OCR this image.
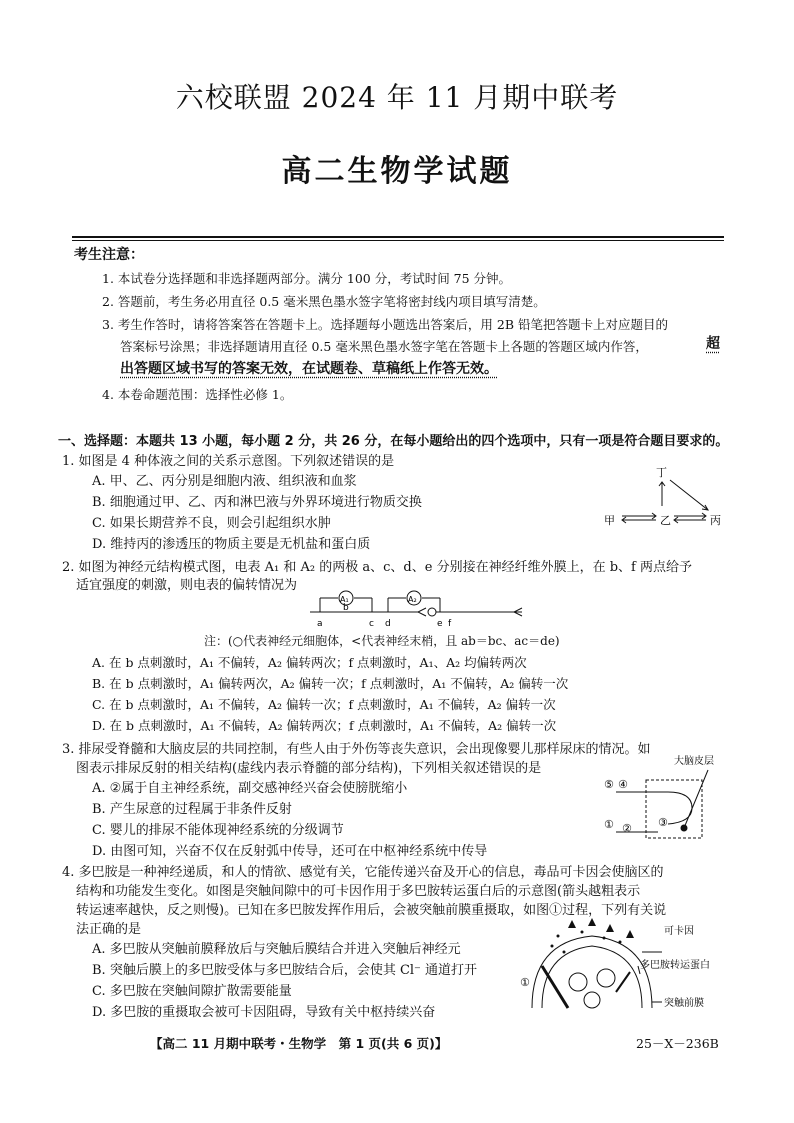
六校联盟 2024 年 11 月期中联考
高二生物学试题
考生注意：
1. 本试卷分选择题和非选择题两部分。满分 100 分，考试时间 75 分钟。
2. 答题前，考生务必用直径 0.5 毫米黑色墨水签字笔将密封线内项目填写清楚。
3. 考生作答时，请将答案答在答题卡上。选择题每小题选出答案后，用 2B 铅笔把答题卡上对应题目的
答案标号涂黑；非选择题请用直径 0.5 毫米黑色墨水签字笔在答题卡上各题的答题区域内作答，	超
出答题区域书写的答案无效，在试题卷、草稿纸上作答无效。
4. 本卷命题范围：选择性必修 1。
一、选择题：本题共 13 小题，每小题 2 分，共 26 分，在每小题给出的四个选项中，只有一项是符合题目要求的。
1. 如图是 4 种体液之间的关系示意图。下列叙述错误的是
A. 甲、乙、丙分别是细胞内液、组织液和血浆
B. 细胞通过甲、乙、丙和淋巴液与外界环境进行物质交换
C. 如果长期营养不良，则会引起组织水肿
D. 维持丙的渗透压的物质主要是无机盐和蛋白质
丁
甲	乙	丙
2. 如图为神经元结构模式图，电表 A₁ 和 A₂ 的两极 a、c、d、e 分别接在神经纤维外膜上，在 b、f 两点给予
适宜强度的刺激，则电表的偏转情况为
A₁	A₂
a
b
c d	e f
注：(○代表神经元细胞体，<代表神经末梢，且 ab＝bc、ac＝de)
A. 在 b 点刺激时，A₁ 不偏转，A₂ 偏转两次；f 点刺激时，A₁、A₂ 均偏转两次
B. 在 b 点刺激时，A₁ 偏转两次，A₂ 偏转一次；f 点刺激时，A₁ 不偏转，A₂ 偏转一次
C. 在 b 点刺激时，A₁ 不偏转，A₂ 偏转一次；f 点刺激时，A₁ 不偏转，A₂ 偏转一次
D. 在 b 点刺激时，A₁ 不偏转，A₂ 偏转两次；f 点刺激时，A₁ 不偏转，A₂ 偏转一次
3. 排尿受脊髓和大脑皮层的共同控制，有些人由于外伤等丧失意识，会出现像婴儿那样尿床的情况。如
图表示排尿反射的相关结构(虚线内表示脊髓的部分结构)，下列相关叙述错误的是
A. ②属于自主神经系统，副交感神经兴奋会使膀胱缩小
B. 产生尿意的过程属于非条件反射
C. 婴儿的排尿不能体现神经系统的分级调节
D. 由图可知，兴奋不仅在反射弧中传导，还可在中枢神经系统中传导
大脑皮层
⑤ ④
① ② ③
4. 多巴胺是一种神经递质，和人的情欲、感觉有关，它能传递兴奋及开心的信息，毒品可卡因会使脑区的
结构和功能发生变化。如图是突触间隙中的可卡因作用于多巴胺转运蛋白后的示意图(箭头越粗表示
转运速率越快，反之则慢)。已知在多巴胺发挥作用后，会被突触前膜重摄取，如图①过程，下列有关说
法正确的是
A. 多巴胺从突触前膜释放后与突触后膜结合并进入突触后神经元
B. 突触后膜上的多巴胺受体与多巴胺结合后，会使其 Cl⁻ 通道打开
C. 多巴胺在突触间隙扩散需要能量
D. 多巴胺的重摄取会被可卡因阻碍，导致有关中枢持续兴奋
可卡因
多巴胺转运蛋白
突触前膜
①
【高二 11 月期中联考・生物学　第 1 页(共 6 页)】	25－X－236B
